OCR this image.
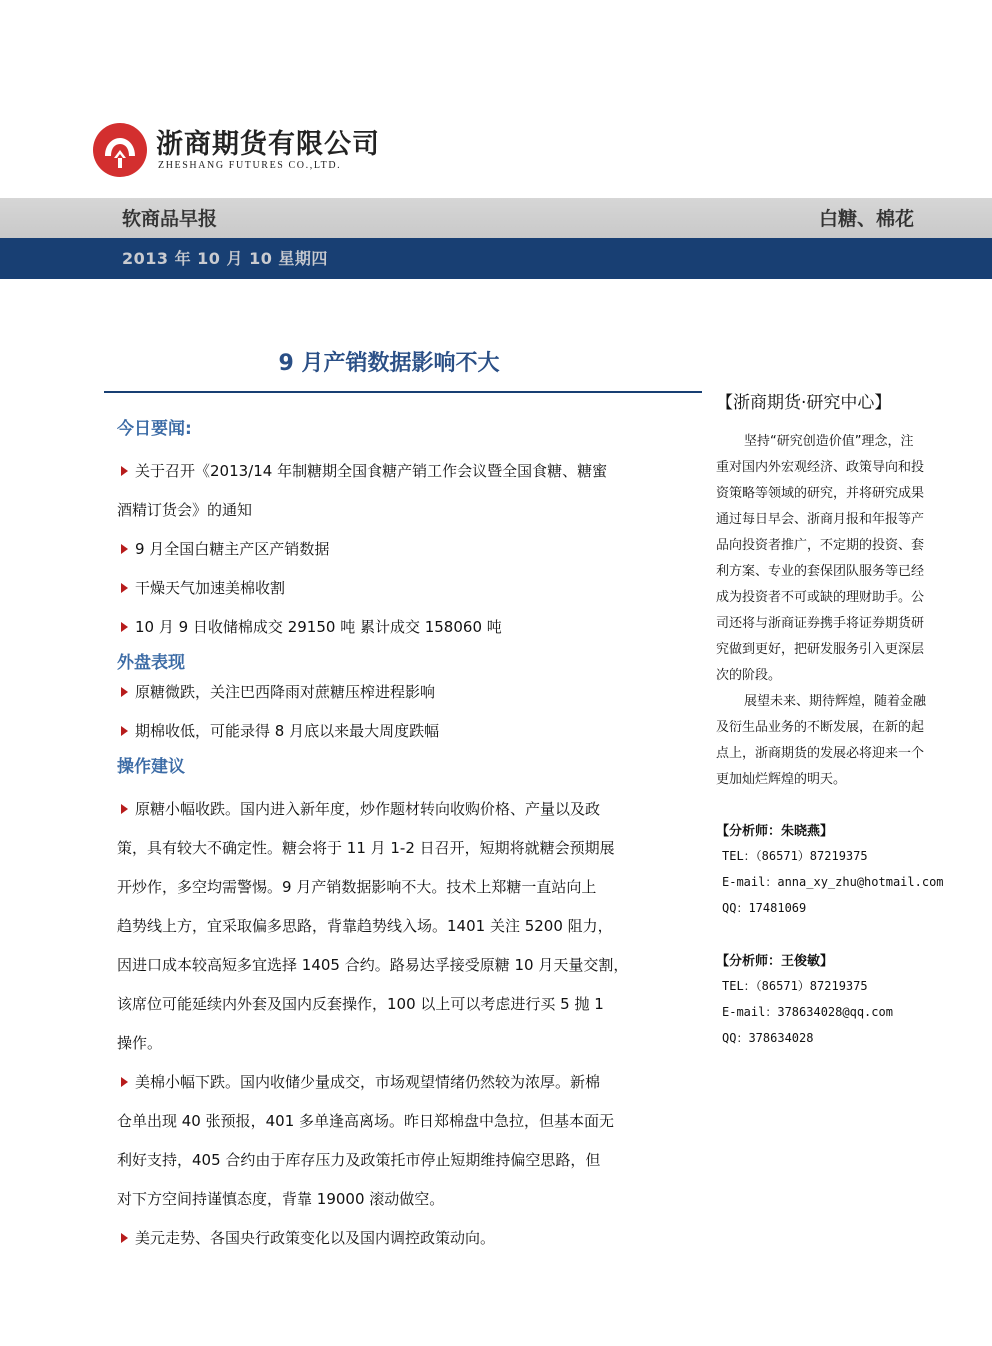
浙商期货有限公司
ZHESHANG FUTURES CO.,LTD.
软商品早报	白糖、棉花
2013 年 10 月 10 星期四
9 月产销数据影响不大
今日要闻:
关于召开《2013/14 年制糖期全国食糖产销工作会议暨全国食糖、糖蜜
酒精订货会》的通知
9 月全国白糖主产区产销数据
干燥天气加速美棉收割
10 月 9 日收储棉成交 29150 吨 累计成交 158060 吨
外盘表现
原糖微跌，关注巴西降雨对蔗糖压榨进程影响
期棉收低，可能录得 8 月底以来最大周度跌幅
操作建议
原糖小幅收跌。国内进入新年度，炒作题材转向收购价格、产量以及政
策，具有较大不确定性。糖会将于 11 月 1-2 日召开，短期将就糖会预期展
开炒作，多空均需警惕。9 月产销数据影响不大。技术上郑糖一直站向上
趋势线上方，宜采取偏多思路，背靠趋势线入场。1401 关注 5200 阻力，
因进口成本较高短多宜选择 1405 合约。路易达孚接受原糖 10 月天量交割，
该席位可能延续内外套及国内反套操作，100 以上可以考虑进行买 5 抛 1
操作。
美棉小幅下跌。国内收储少量成交，市场观望情绪仍然较为浓厚。新棉
仓单出现 40 张预报，401 多单逢高离场。昨日郑棉盘中急拉，但基本面无
利好支持，405 合约由于库存压力及政策托市停止短期维持偏空思路，但
对下方空间持谨慎态度，背靠 19000 滚动做空。
美元走势、各国央行政策变化以及国内调控政策动向。
【浙商期货·研究中心】
坚持“研究创造价值”理念，注
重对国内外宏观经济、政策导向和投
资策略等领域的研究，并将研究成果
通过每日早会、浙商月报和年报等产
品向投资者推广，不定期的投资、套
利方案、专业的套保团队服务等已经
成为投资者不可或缺的理财助手。公
司还将与浙商证券携手将证券期货研
究做到更好，把研发服务引入更深层
次的阶段。
展望未来、期待辉煌，随着金融
及衍生品业务的不断发展，在新的起
点上，浙商期货的发展必将迎来一个
更加灿烂辉煌的明天。
【分析师：朱晓燕】
TEL：（86571）87219375
E-mail：anna_xy_zhu@hotmail.com
QQ：17481069
【分析师：王俊敏】
TEL：（86571）87219375
E-mail：378634028@qq.com
QQ：378634028
